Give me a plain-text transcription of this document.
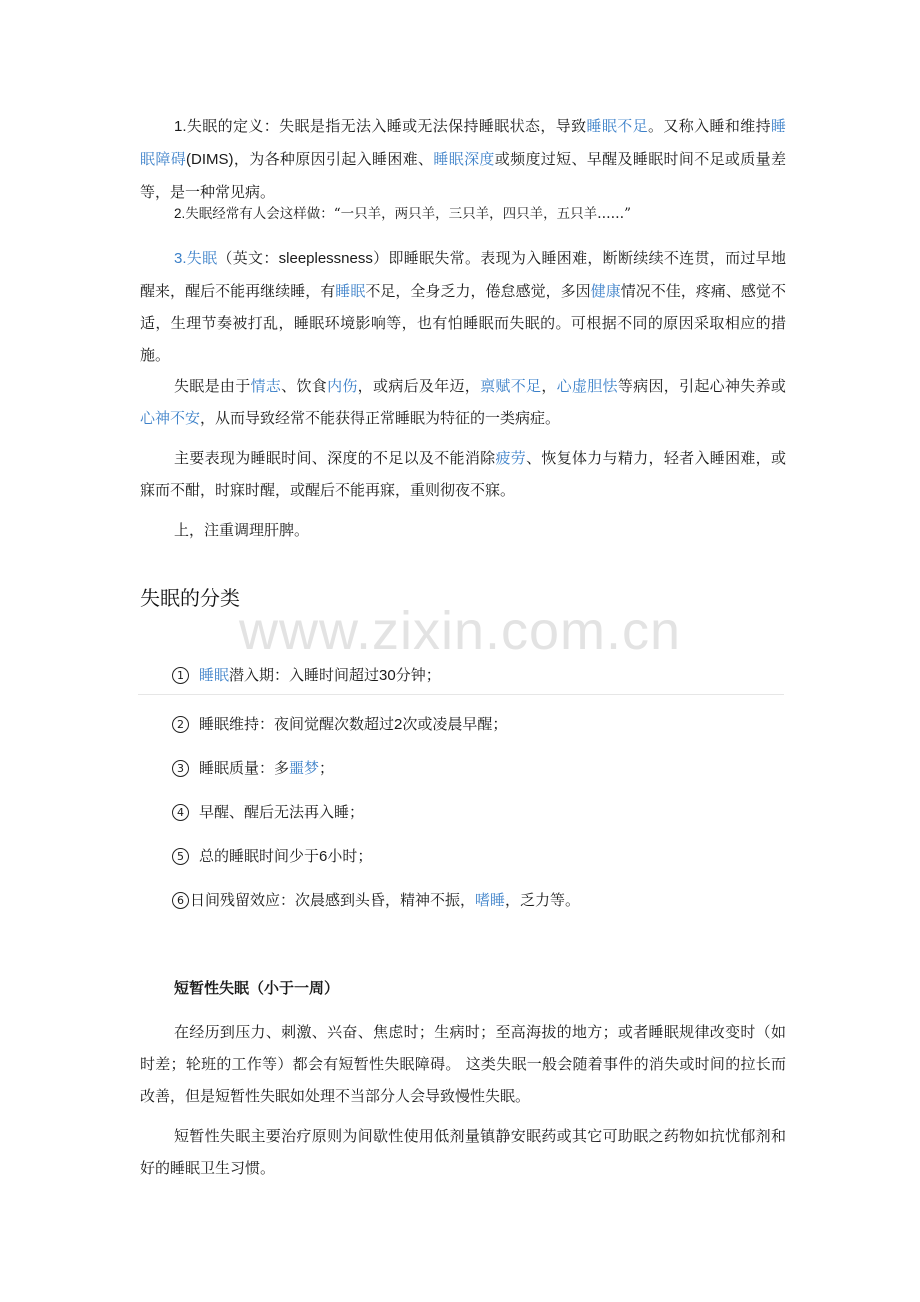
www.zixin.com.cn

1.失眠的定义：失眠是指无法入睡或无法保持睡眠状态，导致睡眠不足。又称入睡和维持睡眠障碍(DIMS)，为各种原因引起入睡困难、睡眠深度或频度过短、早醒及睡眠时间不足或质量差等，是一种常见病。

2.失眠经常有人会这样做：“一只羊，两只羊，三只羊，四只羊，五只羊……”

3.失眠（英文：sleeplessness）即睡眠失常。表现为入睡困难，断断续续不连贯，而过早地醒来，醒后不能再继续睡，有睡眠不足，全身乏力，倦怠感觉，多因健康情况不佳，疼痛、感觉不适，生理节奏被打乱，睡眠环境影响等，也有怕睡眠而失眠的。可根据不同的原因采取相应的措施。

失眠是由于情志、饮食内伤，或病后及年迈，禀赋不足，心虚胆怯等病因，引起心神失养或心神不安，从而导致经常不能获得正常睡眠为特征的一类病症。

主要表现为睡眠时间、深度的不足以及不能消除疲劳、恢复体力与精力，轻者入睡困难，或寐而不酣，时寐时醒，或醒后不能再寐，重则彻夜不寐。

上，注重调理肝脾。

失眠的分类
1 睡眠潜入期：入睡时间超过30分钟；
2 睡眠维持：夜间觉醒次数超过2次或凌晨早醒；
3 睡眠质量：多噩梦；
4 早醒、醒后无法再入睡；
5 总的睡眠时间少于6小时；
6 日间残留效应：次晨感到头昏，精神不振，嗜睡，乏力等。
短暂性失眠（小于一周）

在经历到压力、刺激、兴奋、焦虑时；生病时；至高海拔的地方；或者睡眠规律改变时（如时差；轮班的工作等）都会有短暂性失眠障碍。 这类失眠一般会随着事件的消失或时间的拉长而改善，但是短暂性失眠如处理不当部分人会导致慢性失眠。

短暂性失眠主要治疗原则为间歇性使用低剂量镇静安眠药或其它可助眠之药物如抗忧郁剂和好的睡眠卫生习惯。
